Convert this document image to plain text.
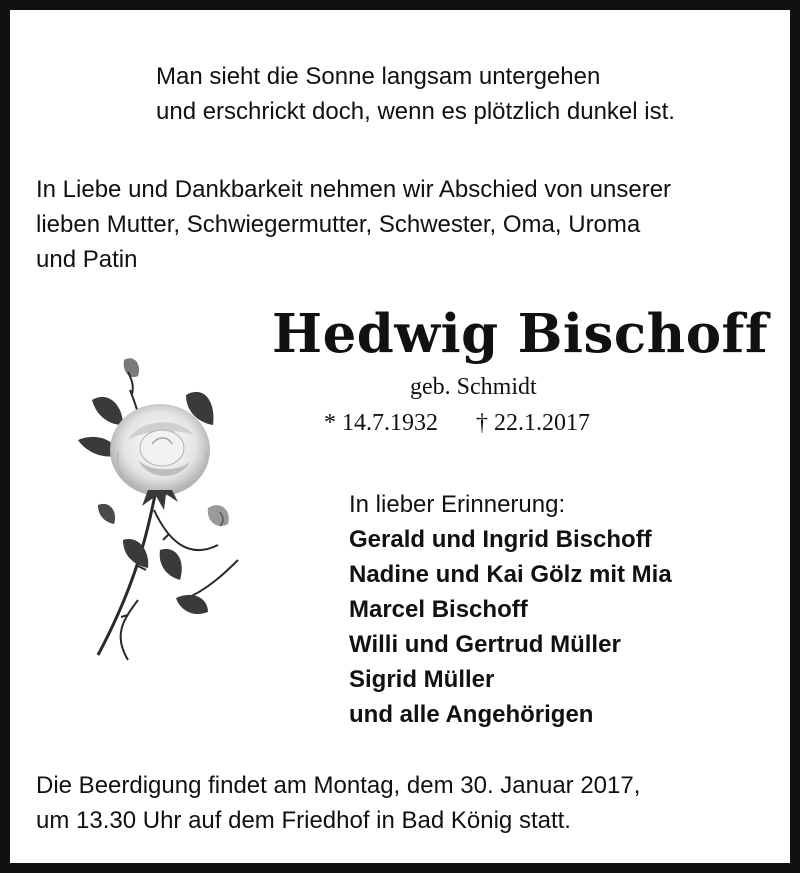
Man sieht die Sonne langsam untergehen
und erschrickt doch, wenn es plötzlich dunkel ist.
In Liebe und Dankbarkeit nehmen wir Abschied von unserer
lieben Mutter, Schwiegermutter, Schwester, Oma, Uroma
und Patin
Hedwig Bischoff
geb. Schmidt
* 14.7.1932 † 22.1.2017
In lieber Erinnerung:
Gerald und Ingrid Bischoff
Nadine und Kai Gölz mit Mia
Marcel Bischoff
Willi und Gertrud Müller
Sigrid Müller
und alle Angehörigen
Die Beerdigung findet am Montag, dem 30. Januar 2017,
um 13.30 Uhr auf dem Friedhof in Bad König statt.
